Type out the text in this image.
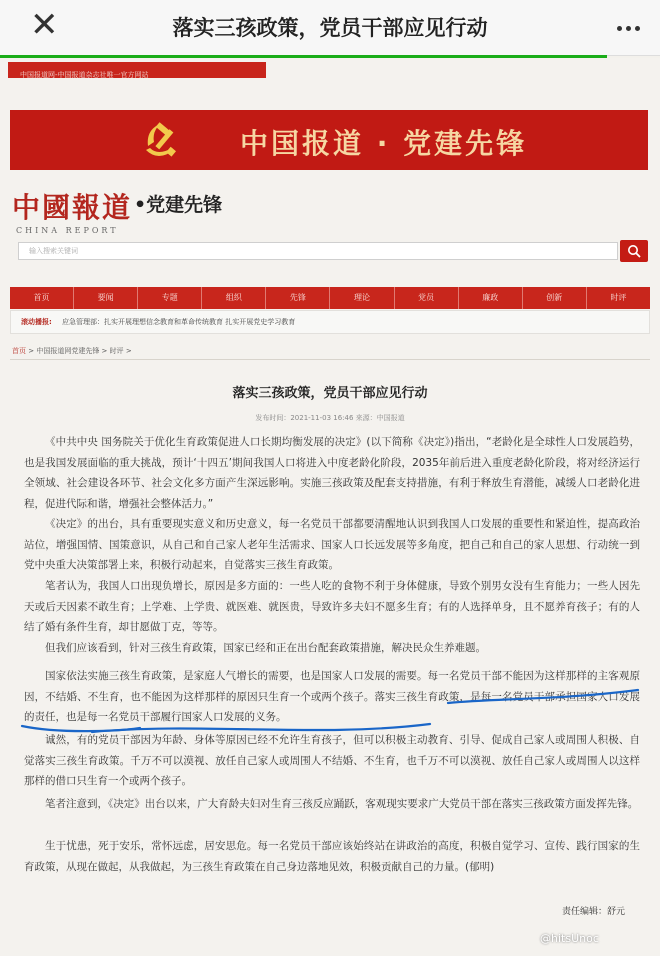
✕	落实三孩政策，党员干部应见行动
中国报道网-中国报道杂志社唯一官方网站
中国报道 · 党建先锋
中國報道
CHINA REPORT
•党建先锋
输入搜索关键词
首页	要闻	专题	组织	先锋	理论	党员	廉政	创新	时评
滚动播报: 应急管理部：扎实开展理想信念教育和革命传统教育 扎实开展党史学习教育
首页 > 中国报道网党建先锋 > 时评 >
落实三孩政策，党员干部应见行动
发布时间：2021-11-03 16:46 来源：中国报道
《中共中央 国务院关于优化生育政策促进人口长期均衡发展的决定》(以下简称《决定》)指出，“老龄化是全球性人口发展趋势，也是我国发展面临的重大挑战，预计‘十四五’期间我国人口将进入中度老龄化阶段，2035年前后进入重度老龄化阶段，将对经济运行全领域、社会建设各环节、社会文化多方面产生深远影响。实施三孩政策及配套支持措施，有利于释放生育潜能，减缓人口老龄化进程，促进代际和谐，增强社会整体活力。”
《决定》的出台，具有重要现实意义和历史意义，每一名党员干部都要清醒地认识到我国人口发展的重要性和紧迫性，提高政治站位，增强国情、国策意识，从自己和自己家人老年生活需求、国家人口长远发展等多角度，把自己和自己的家人思想、行动统一到党中央重大决策部署上来，积极行动起来，自觉落实三孩生育政策。
笔者认为，我国人口出现负增长，原因是多方面的：一些人吃的食物不利于身体健康，导致个别男女没有生育能力；一些人因先天或后天因素不敢生育；上学难、上学贵、就医难、就医贵，导致许多夫妇不愿多生育；有的人选择单身，且不愿养育孩子；有的人结了婚有条件生育，却甘愿做丁克，等等。
但我们应该看到，针对三孩生育政策，国家已经和正在出台配套政策措施，解决民众生养难题。
国家依法实施三孩生育政策，是家庭人气增长的需要，也是国家人口发展的需要。每一名党员干部不能因为这样那样的主客观原因，不结婚、不生育，也不能因为这样那样的原因只生育一个或两个孩子。落实三孩生育政策，是每一名党员干部承担国家人口发展的责任，也是每一名党员干部履行国家人口发展的义务。
诚然，有的党员干部因为年龄、身体等原因已经不允许生育孩子，但可以积极主动教育、引导、促成自己家人或周围人积极、自觉落实三孩生育政策。千万不可以漠视、放任自己家人或周围人不结婚、不生育，也千万不可以漠视、放任自己家人或周围人以这样那样的借口只生育一个或两个孩子。
笔者注意到，《决定》出台以来，广大育龄夫妇对生育三孩反应踊跃，客观现实要求广大党员干部在落实三孩政策方面发挥先锋。
生于忧患，死于安乐，常怀远虑，居安思危。每一名党员干部应该始终站在讲政治的高度，积极自觉学习、宣传、践行国家的生育政策，从现在做起，从我做起，为三孩生育政策在自己身边落地见效，积极贡献自己的力量。(郁明)
责任编辑：舒元
@hitsUnoc
